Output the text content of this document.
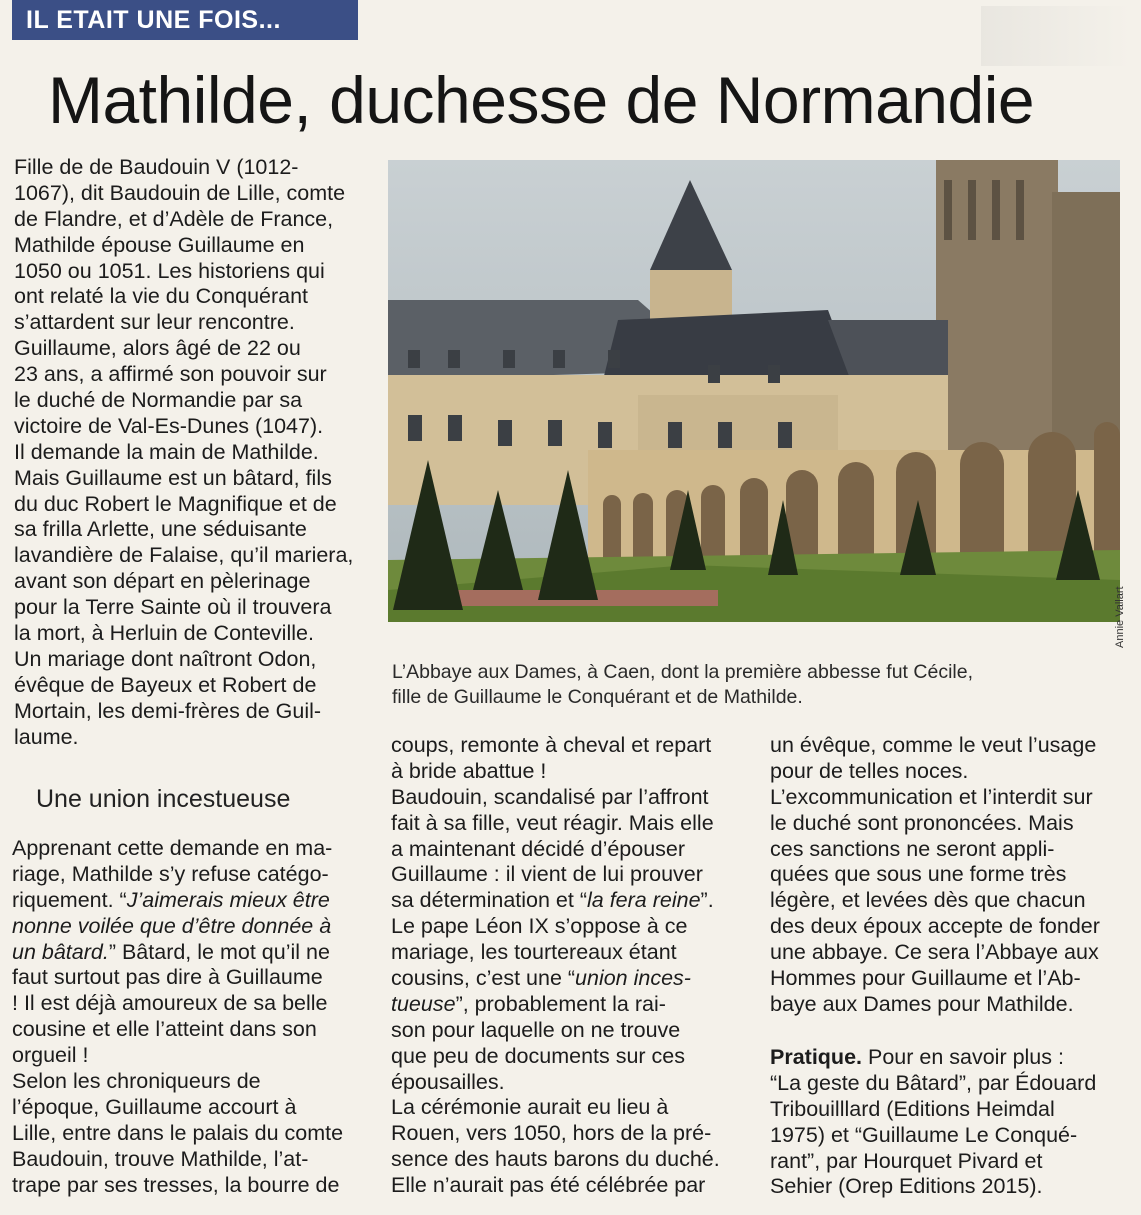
IL ETAIT UNE FOIS...
Mathilde, duchesse de Normandie
Fille de de Baudouin V (1012-
1067), dit Baudouin de Lille, comte
de Flandre, et d’Adèle de France,
Mathilde épouse Guillaume en
1050 ou 1051. Les historiens qui
ont relaté la vie du Conquérant
s’attardent sur leur rencontre.
Guillaume, alors âgé de 22 ou
23 ans, a affirmé son pouvoir sur
le duché de Normandie par sa
victoire de Val-Es-Dunes (1047).
Il demande la main de Mathilde.
Mais Guillaume est un bâtard, fils
du duc Robert le Magnifique et de
sa frilla Arlette, une séduisante
lavandière de Falaise, qu’il mariera,
avant son départ en pèlerinage
pour la Terre Sainte où il trouvera
la mort, à Herluin de Conteville.
Un mariage dont naîtront Odon,
évêque de Bayeux et Robert de
Mortain, les demi-frères de Guil-
laume.
Une union incestueuse
Apprenant cette demande en ma-
riage, Mathilde s’y refuse catégo-
riquement. “J’aimerais mieux être
nonne voilée que d’être donnée à
un bâtard.” Bâtard, le mot qu’il ne
faut surtout pas dire à Guillaume
! Il est déjà amoureux de sa belle
cousine et elle l’atteint dans son
orgueil !
Selon les chroniqueurs de
l’époque, Guillaume accourt à
Lille, entre dans le palais du comte
Baudouin, trouve Mathilde, l’at-
trape par ses tresses, la bourre de
Annie Vallart
L’Abbaye aux Dames, à Caen, dont la première abbesse fut Cécile,
fille de Guillaume le Conquérant et de Mathilde.
coups, remonte à cheval et repart
à bride abattue !
Baudouin, scandalisé par l’affront
fait à sa fille, veut réagir. Mais elle
a maintenant décidé d’épouser
Guillaume : il vient de lui prouver
sa détermination et “la fera reine”.
Le pape Léon IX s’oppose à ce
mariage, les tourtereaux étant
cousins, c’est une “union inces-
tueuse”, probablement la rai-
son pour laquelle on ne trouve
que peu de documents sur ces
épousailles.
La cérémonie aurait eu lieu à
Rouen, vers 1050, hors de la pré-
sence des hauts barons du duché.
Elle n’aurait pas été célébrée par
un évêque, comme le veut l’usage
pour de telles noces.
L’excommunication et l’interdit sur
le duché sont prononcées. Mais
ces sanctions ne seront appli-
quées que sous une forme très
légère, et levées dès que chacun
des deux époux accepte de fonder
une abbaye. Ce sera l’Abbaye aux
Hommes pour Guillaume et l’Ab-
baye aux Dames pour Mathilde.
Pratique. Pour en savoir plus :
“La geste du Bâtard”, par Édouard
Tribouilllard (Editions Heimdal
1975) et “Guillaume Le Conqué-
rant”, par Hourquet Pivard et
Sehier (Orep Editions 2015).
